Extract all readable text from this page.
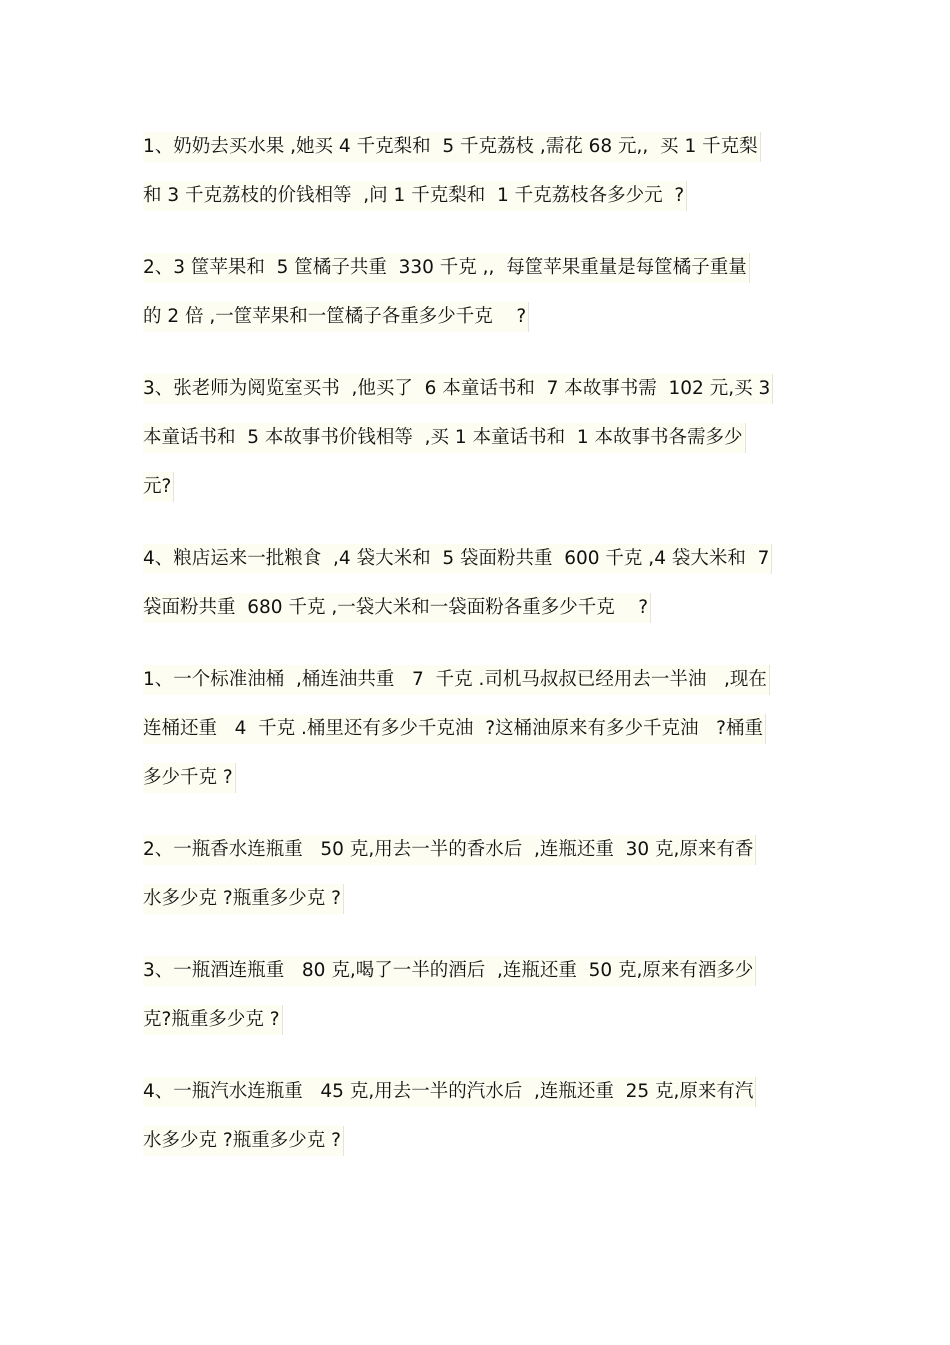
1、奶奶去买水果 ,她买 4 千克梨和  5 千克荔枝 ,需花 68 元,,  买 1 千克梨
和 3 千克荔枝的价钱相等  ,问 1 千克梨和  1 千克荔枝各多少元  ?
2、3 筐苹果和  5 筐橘子共重  330 千克 ,,  每筐苹果重量是每筐橘子重量
的 2 倍 ,一筐苹果和一筐橘子各重多少千克    ?
3、张老师为阅览室买书  ,他买了  6 本童话书和  7 本故事书需  102 元,买 3
本童话书和  5 本故事书价钱相等  ,买 1 本童话书和  1 本故事书各需多少
元?
4、粮店运来一批粮食  ,4 袋大米和  5 袋面粉共重  600 千克 ,4 袋大米和  7
袋面粉共重  680 千克 ,一袋大米和一袋面粉各重多少千克    ?
1、一个标准油桶  ,桶连油共重   7  千克 .司机马叔叔已经用去一半油   ,现在
连桶还重   4  千克 .桶里还有多少千克油  ?这桶油原来有多少千克油   ?桶重
多少千克 ?
2、一瓶香水连瓶重   50 克,用去一半的香水后  ,连瓶还重  30 克,原来有香
水多少克 ?瓶重多少克 ?
3、一瓶酒连瓶重   80 克,喝了一半的酒后  ,连瓶还重  50 克,原来有酒多少
克?瓶重多少克 ?
4、一瓶汽水连瓶重   45 克,用去一半的汽水后  ,连瓶还重  25 克,原来有汽
水多少克 ?瓶重多少克 ?
